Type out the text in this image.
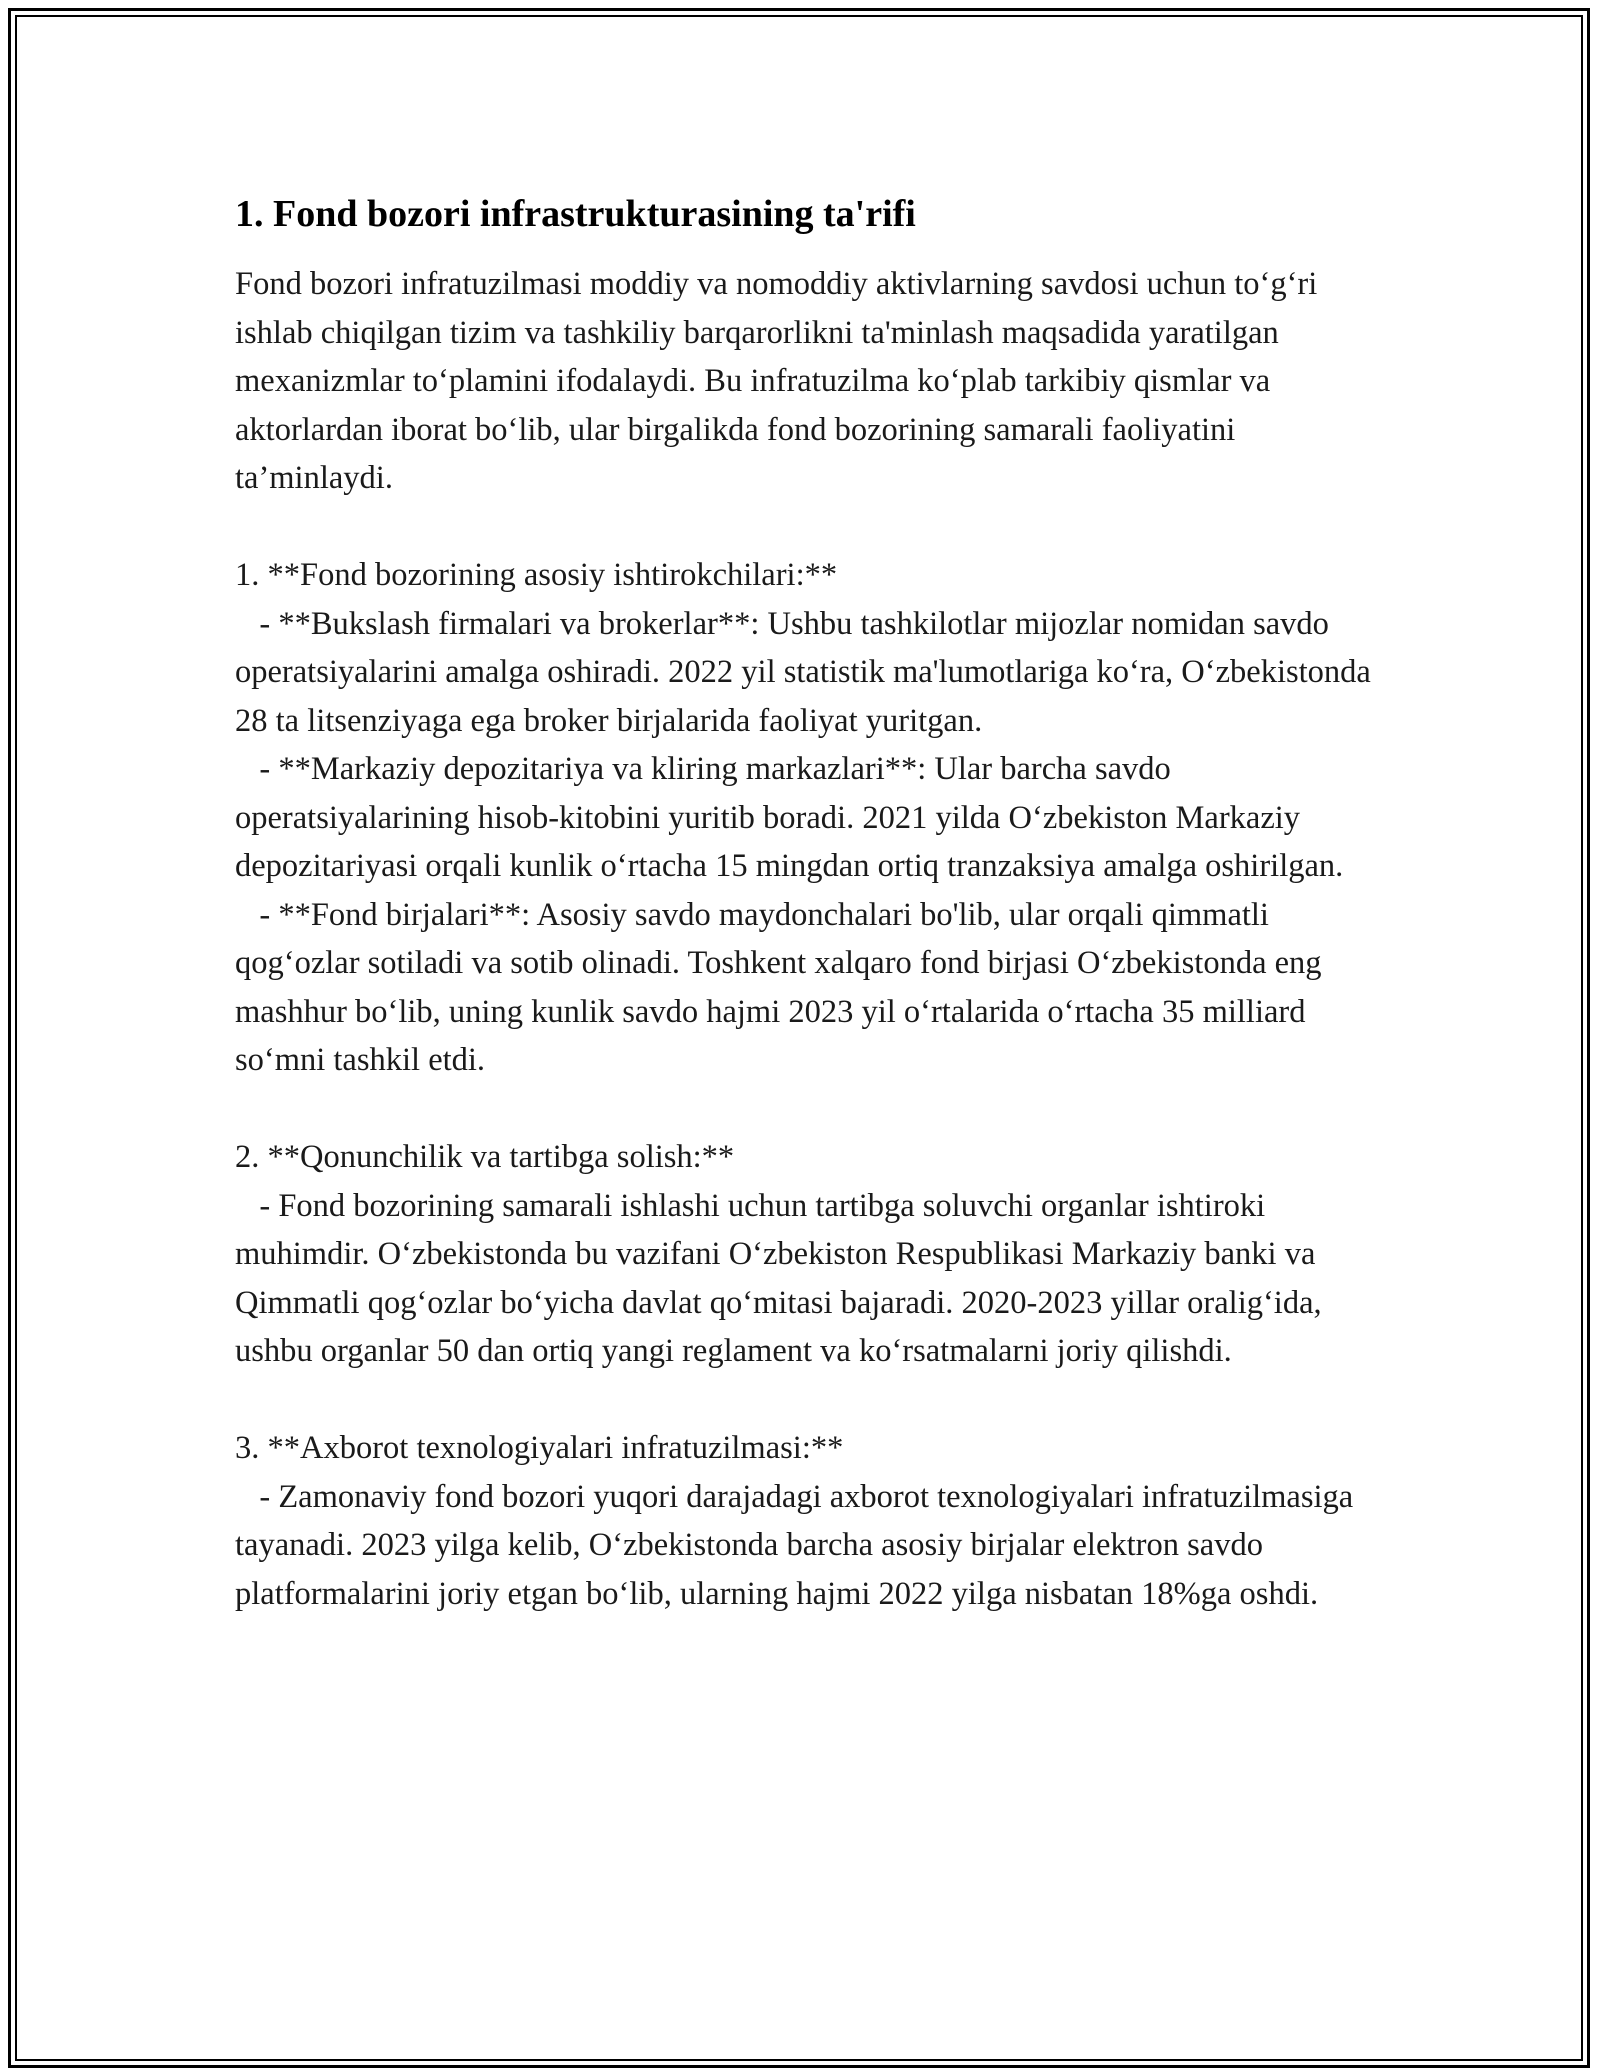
1. Fond bozori infrastrukturasining ta'rifi

Fond bozori infratuzilmasi moddiy va nomoddiy aktivlarning savdosi uchun to‘g‘ri ishlab chiqilgan tizim va tashkiliy barqarorlikni ta'minlash maqsadida yaratilgan mexanizmlar to‘plamini ifodalaydi. Bu infratuzilma ko‘plab tarkibiy qismlar va aktorlardan iborat bo‘lib, ular birgalikda fond bozorining samarali faoliyatini ta’minlaydi.

1. **Fond bozorining asosiy ishtirokchilari:**

- **Bukslash firmalari va brokerlar**: Ushbu tashkilotlar mijozlar nomidan savdo operatsiyalarini amalga oshiradi. 2022 yil statistik ma'lumotlariga ko‘ra, O‘zbekistonda 28 ta litsenziyaga ega broker birjalarida faoliyat yuritgan.

- **Markaziy depozitariya va kliring markazlari**: Ular barcha savdo operatsiyalarining hisob-kitobini yuritib boradi. 2021 yilda O‘zbekiston Markaziy depozitariyasi orqali kunlik o‘rtacha 15 mingdan ortiq tranzaksiya amalga oshirilgan.

- **Fond birjalari**: Asosiy savdo maydonchalari bo'lib, ular orqali qimmatli qog‘ozlar sotiladi va sotib olinadi. Toshkent xalqaro fond birjasi O‘zbekistonda eng mashhur bo‘lib, uning kunlik savdo hajmi 2023 yil o‘rtalarida o‘rtacha 35 milliard so‘mni tashkil etdi.

2. **Qonunchilik va tartibga solish:**

- Fond bozorining samarali ishlashi uchun tartibga soluvchi organlar ishtiroki muhimdir. O‘zbekistonda bu vazifani O‘zbekiston Respublikasi Markaziy banki va Qimmatli qog‘ozlar bo‘yicha davlat qo‘mitasi bajaradi. 2020-2023 yillar oralig‘ida, ushbu organlar 50 dan ortiq yangi reglament va ko‘rsatmalarni joriy qilishdi.

3. **Axborot texnologiyalari infratuzilmasi:**

- Zamonaviy fond bozori yuqori darajadagi axborot texnologiyalari infratuzilmasiga tayanadi. 2023 yilga kelib, O‘zbekistonda barcha asosiy birjalar elektron savdo platformalarini joriy etgan bo‘lib, ularning hajmi 2022 yilga nisbatan 18%ga oshdi.
